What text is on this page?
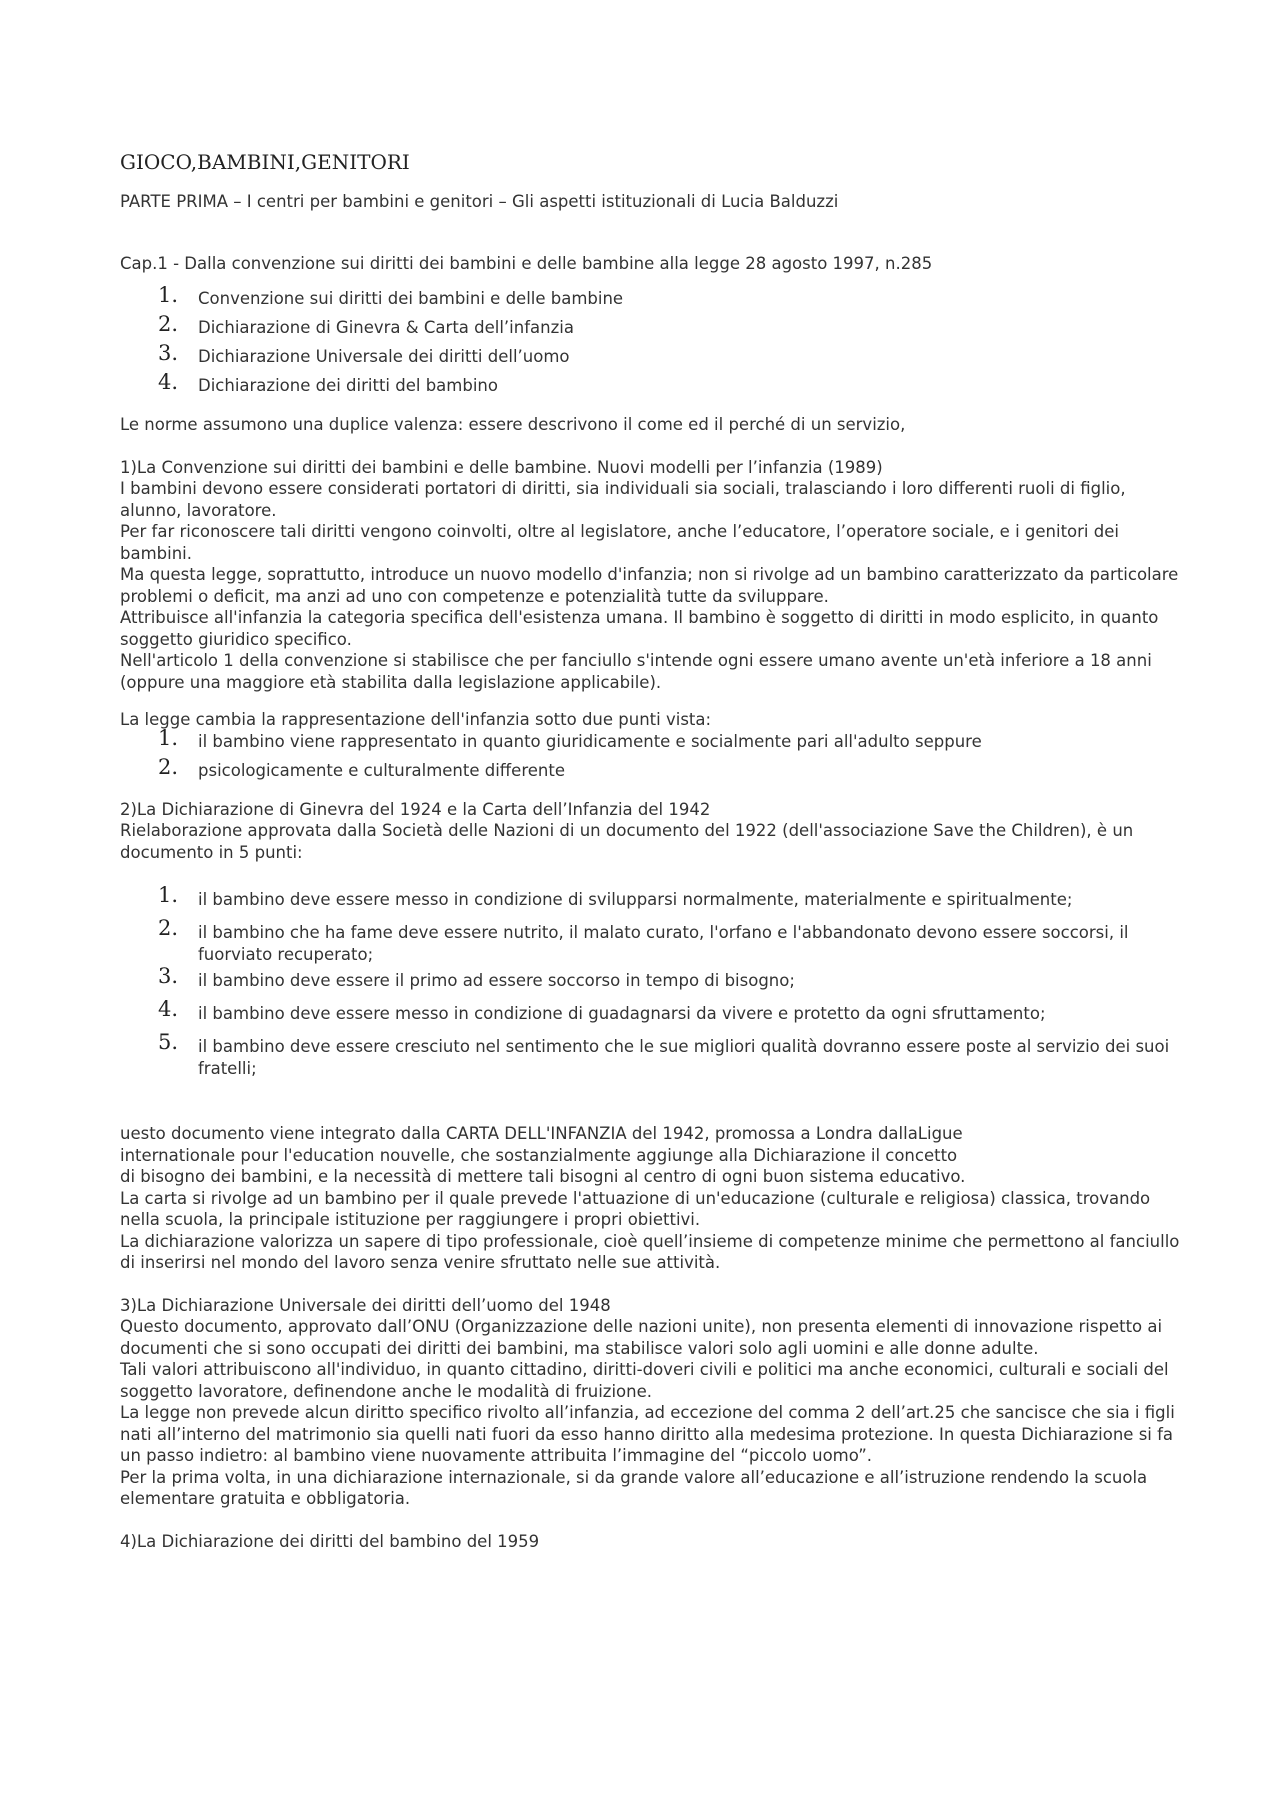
GIOCO,BAMBINI,GENITORI

PARTE PRIMA – I centri per bambini e genitori – Gli aspetti istituzionali di Lucia Balduzzi

Cap.1 - Dalla convenzione sui diritti dei bambini e delle bambine alla legge 28 agosto 1997, n.285

1. Convenzione sui diritti dei bambini e delle bambine
2. Dichiarazione di Ginevra & Carta dell’infanzia
3. Dichiarazione Universale dei diritti dell’uomo
4. Dichiarazione dei diritti del bambino

Le norme assumono una duplice valenza: essere descrivono il come ed il perché di un servizio,

1)La Convenzione sui diritti dei bambini e delle bambine. Nuovi modelli per l’infanzia (1989)

I bambini devono essere considerati portatori di diritti, sia individuali sia sociali, tralasciando i loro differenti ruoli di figlio, alunno, lavoratore.

Per far riconoscere tali diritti vengono coinvolti, oltre al legislatore, anche l’educatore, l’operatore sociale, e i genitori dei bambini.

Ma questa legge, soprattutto, introduce un nuovo modello d'infanzia; non si rivolge ad un bambino caratterizzato da particolare problemi o deficit, ma anzi ad uno con competenze e potenzialità tutte da sviluppare.

Attribuisce all'infanzia la categoria specifica dell'esistenza umana. Il bambino è soggetto di diritti in modo esplicito, in quanto soggetto giuridico specifico.

Nell'articolo 1 della convenzione si stabilisce che per fanciullo s'intende ogni essere umano avente un'età inferiore a 18 anni (oppure una maggiore età stabilita dalla legislazione applicabile).

La legge cambia la rappresentazione dell'infanzia sotto due punti vista:

1. il bambino viene rappresentato in quanto giuridicamente e socialmente pari all'adulto seppure
2. psicologicamente e culturalmente differente

2)La Dichiarazione di Ginevra del 1924 e la Carta dell’Infanzia del 1942

Rielaborazione approvata dalla Società delle Nazioni di un documento del 1922 (dell'associazione Save the Children), è un documento in 5 punti:

1. il bambino deve essere messo in condizione di svilupparsi normalmente, materialmente e spiritualmente;
2. il bambino che ha fame deve essere nutrito, il malato curato, l'orfano e l'abbandonato devono essere soccorsi, il fuorviato recuperato;
3. il bambino deve essere il primo ad essere soccorso in tempo di bisogno;
4. il bambino deve essere messo in condizione di guadagnarsi da vivere e protetto da ogni sfruttamento;
5. il bambino deve essere cresciuto nel sentimento che le sue migliori qualità dovranno essere poste al servizio dei suoi fratelli;

uesto documento viene integrato dalla CARTA DELL'INFANZIA del 1942, promossa a Londra dallaLigue

internationale pour l'education nouvelle, che sostanzialmente aggiunge alla Dichiarazione il concetto

di bisogno dei bambini, e la necessità di mettere tali bisogni al centro di ogni buon sistema educativo.

La carta si rivolge ad un bambino per il quale prevede l'attuazione di un'educazione (culturale e religiosa) classica, trovando nella scuola, la principale istituzione per raggiungere i propri obiettivi.

La dichiarazione valorizza un sapere di tipo professionale, cioè quell’insieme di competenze minime che permettono al fanciullo di inserirsi nel mondo del lavoro senza venire sfruttato nelle sue attività.

3)La Dichiarazione Universale dei diritti dell’uomo del 1948

Questo documento, approvato dall’ONU (Organizzazione delle nazioni unite), non presenta elementi di innovazione rispetto ai documenti che si sono occupati dei diritti dei bambini, ma stabilisce valori solo agli uomini e alle donne adulte.

Tali valori attribuiscono all'individuo, in quanto cittadino, diritti-doveri civili e politici ma anche economici, culturali e sociali del soggetto lavoratore, definendone anche le modalità di fruizione.

La legge non prevede alcun diritto specifico rivolto all’infanzia, ad eccezione del comma 2 dell’art.25 che sancisce che sia i figli nati all’interno del matrimonio sia quelli nati fuori da esso hanno diritto alla medesima protezione. In questa Dichiarazione si fa un passo indietro: al bambino viene nuovamente attribuita l’immagine del “piccolo uomo”.

Per la prima volta, in una dichiarazione internazionale, si da grande valore all’educazione e all’istruzione rendendo la scuola elementare gratuita e obbligatoria.

4)La Dichiarazione dei diritti del bambino del 1959
